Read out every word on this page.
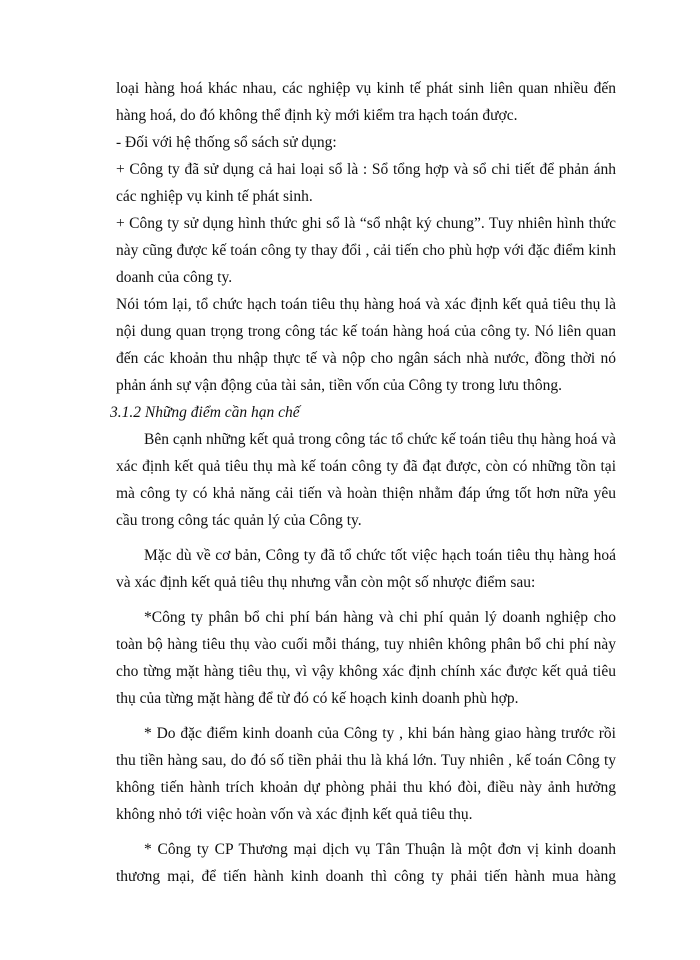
loại hàng hoá khác nhau, các nghiệp vụ kinh tế phát sinh liên quan nhiều đến hàng hoá, do đó không thể định kỳ mới kiểm tra hạch toán được.

- Đối với hệ thống sổ sách sử dụng:

+ Công ty đã sử dụng cả hai loại sổ là : Sổ tổng hợp và sổ chi tiết để phản ánh các nghiệp vụ kinh tế phát sinh.

+ Công ty sử dụng hình thức ghi sổ là “sổ nhật ký chung”. Tuy nhiên hình thức này cũng được kế toán công ty thay đổi , cải tiến cho phù hợp với đặc điểm kinh doanh của công ty.

Nói tóm lại, tổ chức hạch toán tiêu thụ hàng hoá và xác định kết quả tiêu thụ là nội dung quan trọng trong công tác kế toán hàng hoá của công ty. Nó liên quan đến các khoản thu nhập thực tế và nộp cho ngân sách nhà nước, đồng thời nó phản ánh sự vận động của tài sản, tiền vốn của Công ty trong lưu thông.

3.1.2 Những điểm cần hạn chế

Bên cạnh những kết quả trong công tác tổ chức kế toán tiêu thụ hàng hoá và xác định kết quả tiêu thụ mà kế toán công ty đã đạt được, còn có những tồn tại mà công ty có khả năng cải tiến và hoàn thiện nhằm đáp ứng tốt hơn nữa yêu cầu trong công tác quản lý của Công ty.

Mặc dù về cơ bản, Công ty đã tổ chức tốt việc hạch toán tiêu thụ hàng hoá và xác định kết quả tiêu thụ nhưng vẫn còn một số nhược điểm sau:

*Công ty phân bổ chi phí bán hàng và chi phí quản lý doanh nghiệp cho toàn bộ hàng tiêu thụ vào cuối mỗi tháng, tuy nhiên không phân bổ chi phí này cho từng mặt hàng tiêu thụ, vì vậy không xác định chính xác được kết quả tiêu thụ của từng mặt hàng để từ đó có kế hoạch kinh doanh phù hợp.

* Do đặc điểm kinh doanh của Công ty , khi bán hàng giao hàng trước rồi thu tiền hàng sau, do đó số tiền phải thu là khá lớn. Tuy nhiên , kế toán Công ty không tiến hành trích khoản dự phòng phải thu khó đòi, điều này ảnh hưởng không nhỏ tới việc hoàn vốn và xác định kết quả tiêu thụ.

* Công ty CP Thương mại dịch vụ Tân Thuận là một đơn vị kinh doanh thương mại, để tiến hành kinh doanh thì công ty phải tiến hành mua hàng
